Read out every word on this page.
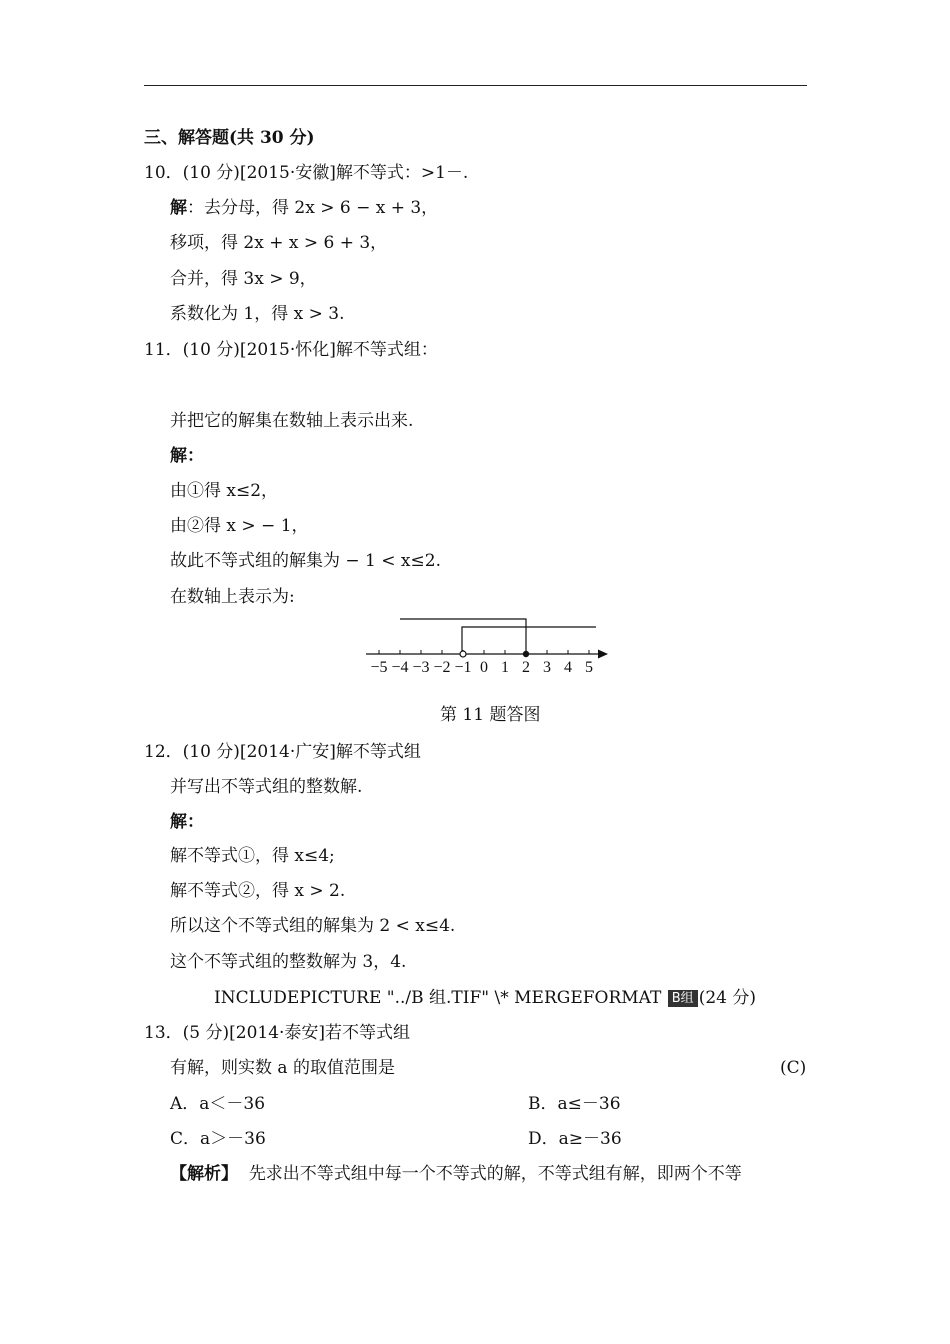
三、解答题(共 30 分)
10．(10 分)[2015·安徽]解不等式：>1－.
解：去分母，得 2x > 6 − x + 3，
移项，得 2x + x > 6 + 3，
合并，得 3x > 9，
系数化为 1，得 x > 3.
11．(10 分)[2015·怀化]解不等式组：
并把它的解集在数轴上表示出来.
解：
由①得 x≤2，
由②得 x > − 1，
故此不等式组的解集为 − 1 < x≤2.
在数轴上表示为:
−5 −4 −3 −2 −1 0 1 2 3 4 5
第 11 题答图
12．(10 分)[2014·广安]解不等式组
并写出不等式组的整数解.
解：
解不等式①，得 x≤4;
解不等式②，得 x > 2.
所以这个不等式组的解集为 2 < x≤4.
这个不等式组的整数解为 3，4.
INCLUDEPICTURE "../B 组.TIF" \* MERGEFORMAT B组 (24 分)
13．(5 分)[2014·泰安]若不等式组
有解，则实数 a 的取值范围是	(C)
A．a＜－36	B．a≤－36
C．a＞－36	D．a≥－36
【解析】 先求出不等式组中每一个不等式的解，不等式组有解，即两个不等
